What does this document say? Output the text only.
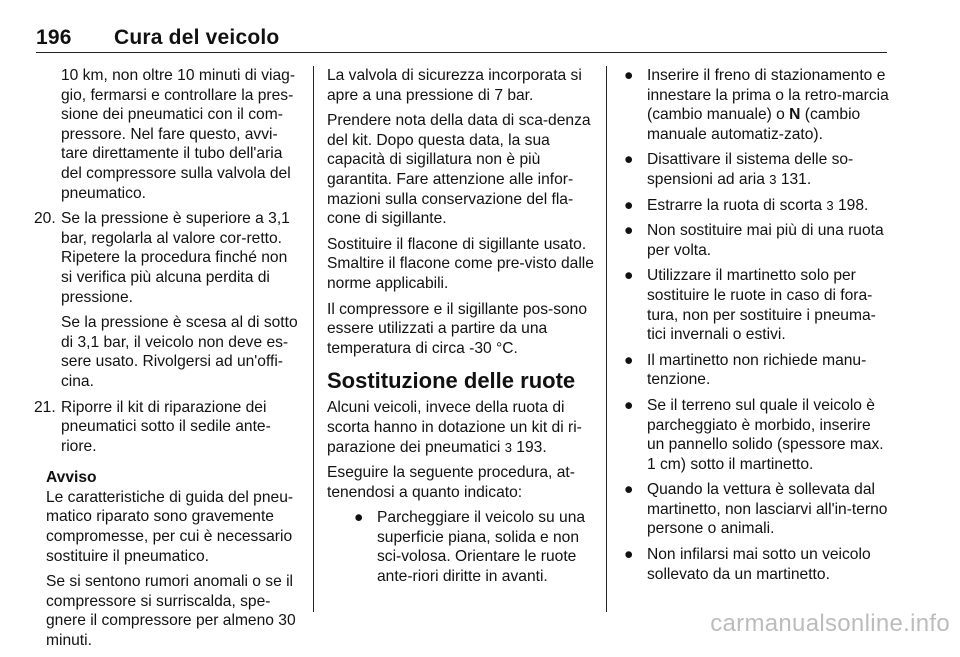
196 Cura del veicolo

10 km, non oltre 10 minuti di viag-gio, fermarsi e controllare la pres-sione dei pneumatici con il com-pressore. Nel fare questo, avvi-tare direttamente il tubo dell'aria del compressore sulla valvola del pneumatico.

20. Se la pressione è superiore a 3,1 bar, regolarla al valore cor-retto. Ripetere la procedura finché non si verifica più alcuna perdita di pressione.

Se la pressione è scesa al di sotto di 3,1 bar, il veicolo non deve es-sere usato. Rivolgersi ad un'offi-cina.

21. Riporre il kit di riparazione dei pneumatici sotto il sedile ante-riore.

Avviso

Le caratteristiche di guida del pneu-matico riparato sono gravemente compromesse, per cui è necessario sostituire il pneumatico.

Se si sentono rumori anomali o se il compressore si surriscalda, spe-gnere il compressore per almeno 30 minuti.

La valvola di sicurezza incorporata si apre a una pressione di 7 bar.

Prendere nota della data di sca-denza del kit. Dopo questa data, la sua capacità di sigillatura non è più garantita. Fare attenzione alle infor-mazioni sulla conservazione del fla-cone di sigillante.

Sostituire il flacone di sigillante usato. Smaltire il flacone come pre-visto dalle norme applicabili.

Il compressore e il sigillante pos-sono essere utilizzati a partire da una temperatura di circa -30 °C.

Sostituzione delle ruote

Alcuni veicoli, invece della ruota di scorta hanno in dotazione un kit di ri-parazione dei pneumatici 3 193.

Eseguire la seguente procedura, at-tenendosi a quanto indicato:

● Parcheggiare il veicolo su una superficie piana, solida e non sci-volosa. Orientare le ruote ante-riori diritte in avanti.
● Inserire il freno di stazionamento e innestare la prima o la retro-marcia (cambio manuale) o N (cambio manuale automatiz-zato).
● Disattivare il sistema delle so-spensioni ad aria 3 131.
● Estrarre la ruota di scorta 3 198.
● Non sostituire mai più di una ruota per volta.
● Utilizzare il martinetto solo per sostituire le ruote in caso di fora-tura, non per sostituire i pneuma-tici invernali o estivi.
● Il martinetto non richiede manu-tenzione.
● Se il terreno sul quale il veicolo è parcheggiato è morbido, inserire un pannello solido (spessore max. 1 cm) sotto il martinetto.
● Quando la vettura è sollevata dal martinetto, non lasciarvi all'in-terno persone o animali.
● Non infilarsi mai sotto un veicolo sollevato da un martinetto.
carmanualsonline.info
